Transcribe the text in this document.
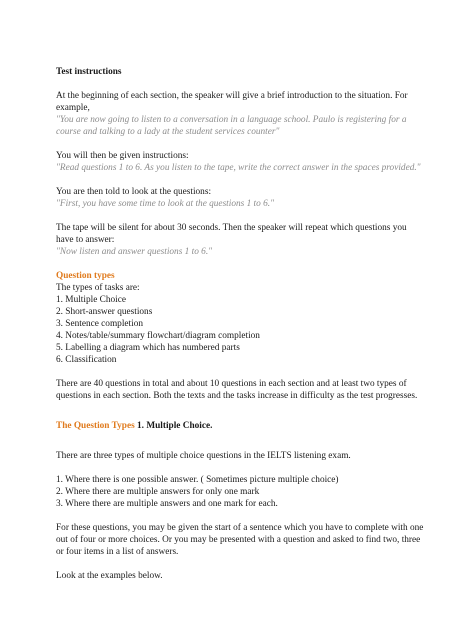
Test instructions

At the beginning of each section, the speaker will give a brief introduction to the situation. For example,

"You are now going to listen to a conversation in a language school. Paulo is registering for a course and talking to a lady at the student services counter"

You will then be given instructions:

"Read questions 1 to 6. As you listen to the tape, write the correct answer in the spaces provided."

You are then told to look at the questions:

"First, you have some time to look at the questions 1 to 6."

The tape will be silent for about 30 seconds. Then the speaker will repeat which questions you have to answer:

"Now listen and answer questions 1 to 6."

Question types

The types of tasks are:

1. Multiple Choice
2. Short-answer questions
3. Sentence completion
4. Notes/table/summary flowchart/diagram completion
5. Labelling a diagram which has numbered parts
6. Classification

There are 40 questions in total and about 10 questions in each section and at least two types of questions in each section. Both the texts and the tasks increase in difficulty as the test progresses.

The Question Types 1. Multiple Choice.

There are three types of multiple choice questions in the IELTS listening exam.

1. Where there is one possible answer. ( Sometimes picture multiple choice)
2. Where there are multiple answers for only one mark
3. Where there are multiple answers and one mark for each.

For these questions, you may be given the start of a sentence which you have to complete with one out of four or more choices. Or you may be presented with a question and asked to find two, three or four items in a list of answers.

Look at the examples below.
